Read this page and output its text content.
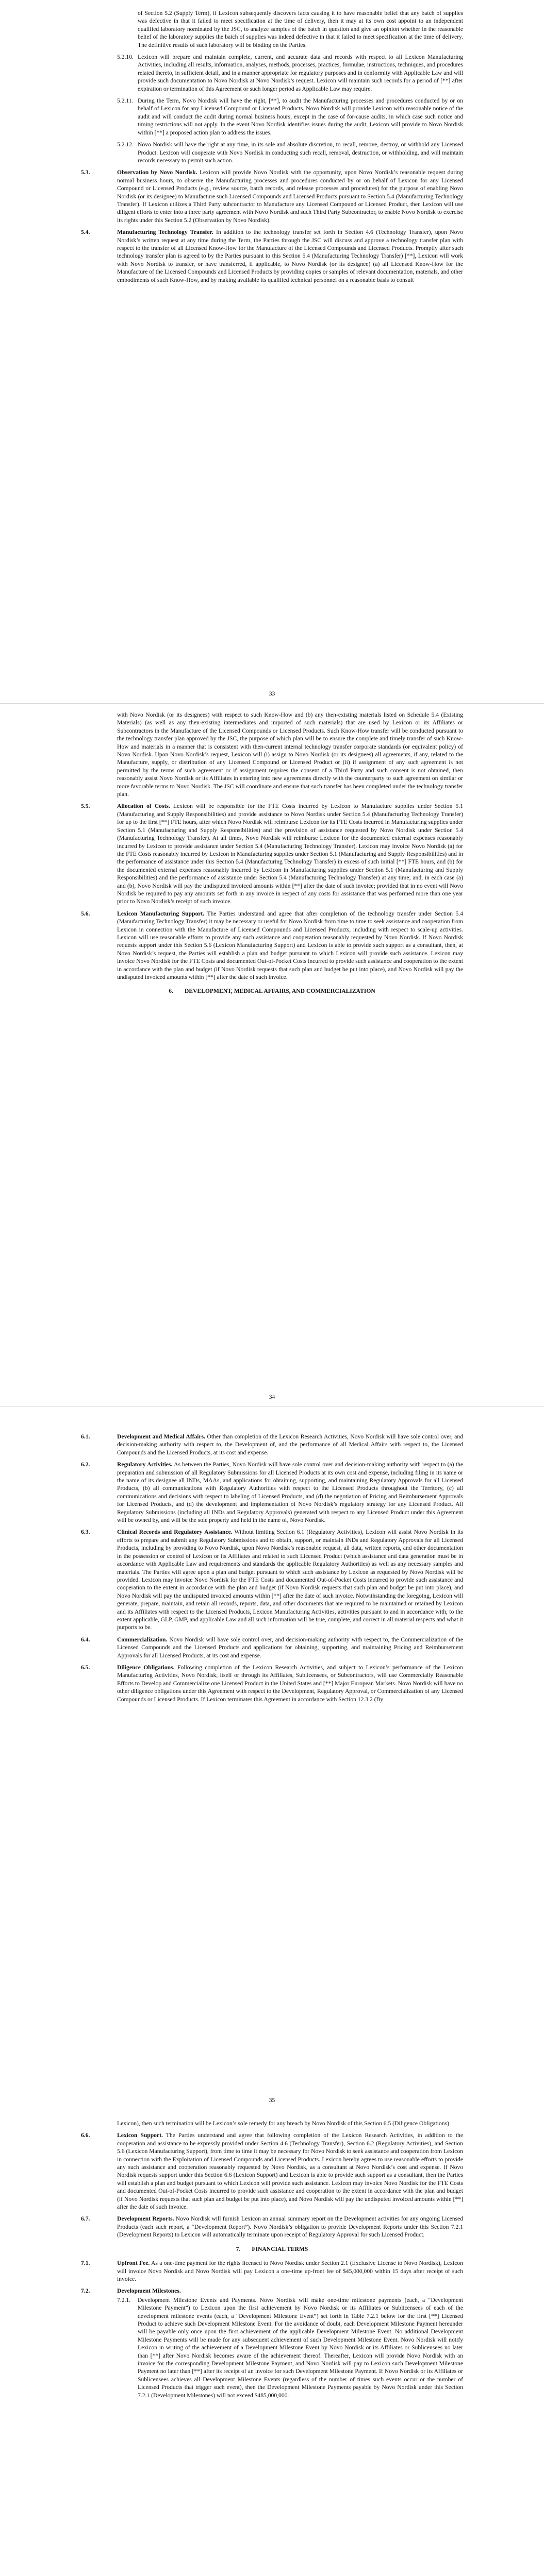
of Section 5.2 (Supply Term), if Lexicon subsequently discovers facts causing it to have reasonable belief that any batch of supplies was defective in that it failed to meet specification at the time of delivery, then it may at its own cost appoint to an independent qualified laboratory nominated by the JSC, to analyze samples of the batch in question and give an opinion whether in the reasonable belief of the laboratory supplies the batch of supplies was indeed defective in that it failed to meet specification at the time of delivery. The definitive results of such laboratory will be binding on the Parties.
5.2.10. Lexicon will prepare and maintain complete, current, and accurate data and records with respect to all Lexicon Manufacturing Activities, including all results, information, analyses, methods, processes, practices, formulae, instructions, techniques, and procedures related thereto, in sufficient detail, and in a manner appropriate for regulatory purposes and in conformity with Applicable Law and will provide such documentation to Novo Nordisk at Novo Nordisk’s request. Lexicon will maintain such records for a period of [**] after expiration or termination of this Agreement or such longer period as Applicable Law may require.
5.2.11. During the Term, Novo Nordisk will have the right, [**], to audit the Manufacturing processes and procedures conducted by or on behalf of Lexicon for any Licensed Compound or Licensed Products. Novo Nordisk will provide Lexicon with reasonable notice of the audit and will conduct the audit during normal business hours, except in the case of for-cause audits, in which case such notice and timing restrictions will not apply. In the event Novo Nordisk identifies issues during the audit, Lexicon will provide to Novo Nordisk within [**] a proposed action plan to address the issues.
5.2.12. Novo Nordisk will have the right at any time, in its sole and absolute discretion, to recall, remove, destroy, or withhold any Licensed Product. Lexicon will cooperate with Novo Nordisk in conducting such recall, removal, destruction, or withholding, and will maintain records necessary to permit such action.
5.3.	Observation by Novo Nordisk. Lexicon will provide Novo Nordisk with the opportunity, upon Novo Nordisk’s reasonable request during normal business hours, to observe the Manufacturing processes and procedures conducted by or on behalf of Lexicon for any Licensed Compound or Licensed Products (e.g., review source, batch records, and release processes and procedures) for the purpose of enabling Novo Nordisk (or its designee) to Manufacture such Licensed Compounds and Licensed Products pursuant to Section 5.4 (Manufacturing Technology Transfer). If Lexicon utilizes a Third Party subcontractor to Manufacture any Licensed Compound or Licensed Product, then Lexicon will use diligent efforts to enter into a three party agreement with Novo Nordisk and such Third Party Subcontractor, to enable Novo Nordisk to exercise its rights under this Section 5.2 (Observation by Novo Nordisk).
5.4.	Manufacturing Technology Transfer. In addition to the technology transfer set forth in Section 4.6 (Technology Transfer), upon Novo Nordisk’s written request at any time during the Term, the Parties through the JSC will discuss and approve a technology transfer plan with respect to the transfer of all Licensed Know-How for the Manufacture of the Licensed Compounds and Licensed Products. Promptly after such technology transfer plan is agreed to by the Parties pursuant to this Section 5.4 (Manufacturing Technology Transfer) [**], Lexicon will work with Novo Nordisk to transfer, or have transferred, if applicable, to Novo Nordisk (or its designee) (a) all Licensed Know-How for the Manufacture of the Licensed Compounds and Licensed Products by providing copies or samples of relevant documentation, materials, and other embodiments of such Know-How, and by making available its qualified technical personnel on a reasonable basis to consult
33
with Novo Nordisk (or its designees) with respect to such Know-How and (b) any then-existing materials listed on Schedule 5.4 (Existing Materials) (as well as any then-existing intermediates and imported of such materials) that are used by Lexicon or its Affiliates or Subcontractors in the Manufacture of the Licensed Compounds or Licensed Products. Such Know-How transfer will be conducted pursuant to the technology transfer plan approved by the JSC, the purpose of which plan will be to ensure the complete and timely transfer of such Know-How and materials in a manner that is consistent with then-current internal technology transfer corporate standards (or equivalent policy) of Novo Nordisk. Upon Novo Nordisk’s request, Lexicon will (i) assign to Novo Nordisk (or its designees) all agreements, if any, related to the Manufacture, supply, or distribution of any Licensed Compound or Licensed Product or (ii) if assignment of any such agreement is not permitted by the terms of such agreement or if assignment requires the consent of a Third Party and such consent is not obtained, then reasonably assist Novo Nordisk or its Affiliates in entering into new agreements directly with the counterparty to such agreement on similar or more favorable terms to Novo Nordisk. The JSC will coordinate and ensure that such transfer has been completed under the technology transfer plan.
5.5.	Allocation of Costs. Lexicon will be responsible for the FTE Costs incurred by Lexicon to Manufacture supplies under Section 5.1 (Manufacturing and Supply Responsibilities) and provide assistance to Novo Nordisk under Section 5.4 (Manufacturing Technology Transfer) for up to the first [**] FTE hours, after which Novo Nordisk will reimburse Lexicon for its FTE Costs incurred in Manufacturing supplies under Section 5.1 (Manufacturing and Supply Responsibilities) and the provision of assistance requested by Novo Nordisk under Section 5.4 (Manufacturing Technology Transfer). At all times, Novo Nordisk will reimburse Lexicon for the documented external expenses reasonably incurred by Lexicon to provide assistance under Section 5.4 (Manufacturing Technology Transfer). Lexicon may invoice Novo Nordisk (a) for the FTE Costs reasonably incurred by Lexicon in Manufacturing supplies under Section 5.1 (Manufacturing and Supply Responsibilities) and in the performance of assistance under this Section 5.4 (Manufacturing Technology Transfer) in excess of such initial [**] FTE hours, and (b) for the documented external expenses reasonably incurred by Lexicon in Manufacturing supplies under Section 5.1 (Manufacturing and Supply Responsibilities) and the performance of assistance under Section 5.4 (Manufacturing Technology Transfer) at any time; and, in each case (a) and (b), Novo Nordisk will pay the undisputed invoiced amounts within [**] after the date of such invoice; provided that in no event will Novo Nordisk be required to pay any amounts set forth in any invoice in respect of any costs for assistance that was performed more than one year prior to Novo Nordisk’s receipt of such invoice.
5.6.	Lexicon Manufacturing Support. The Parties understand and agree that after completion of the technology transfer under Section 5.4 (Manufacturing Technology Transfer) it may be necessary or useful for Novo Nordisk from time to time to seek assistance and cooperation from Lexicon in connection with the Manufacture of Licensed Compounds and Licensed Products, including with respect to scale-up activities. Lexicon will use reasonable efforts to provide any such assistance and cooperation reasonably requested by Novo Nordisk. If Novo Nordisk requests support under this Section 5.6 (Lexicon Manufacturing Support) and Lexicon is able to provide such support as a consultant, then, at Novo Nordisk’s request, the Parties will establish a plan and budget pursuant to which Lexicon will provide such assistance. Lexicon may invoice Novo Nordisk for the FTE Costs and documented Out-of-Pocket Costs incurred to provide such assistance and cooperation to the extent in accordance with the plan and budget (if Novo Nordisk requests that such plan and budget be put into place), and Novo Nordisk will pay the undisputed invoiced amounts within [**] after the date of such invoice.
6. DEVELOPMENT, MEDICAL AFFAIRS, AND COMMERCIALIZATION
34
6.1.	Development and Medical Affairs. Other than completion of the Lexicon Research Activities, Novo Nordisk will have sole control over, and decision-making authority with respect to, the Development of, and the performance of all Medical Affairs with respect to, the Licensed Compounds and the Licensed Products, at its cost and expense.
6.2.	Regulatory Activities. As between the Parties, Novo Nordisk will have sole control over and decision-making authority with respect to (a) the preparation and submission of all Regulatory Submissions for all Licensed Products at its own cost and expense, including filing in its name or the name of its designee all INDs, MAAs, and applications for obtaining, supporting, and maintaining Regulatory Approvals for all Licensed Products, (b) all communications with Regulatory Authorities with respect to the Licensed Products throughout the Territory, (c) all communications and decisions with respect to labeling of Licensed Products, and (d) the negotiation of Pricing and Reimbursement Approvals for Licensed Products, and (d) the development and implementation of Novo Nordisk’s regulatory strategy for any Licensed Product. All Regulatory Submissions (including all INDs and Regulatory Approvals) generated with respect to any Licensed Product under this Agreement will be owned by, and will be the sole property and held in the name of, Novo Nordisk.
6.3.	Clinical Records and Regulatory Assistance. Without limiting Section 6.1 (Regulatory Activities), Lexicon will assist Novo Nordisk in its efforts to prepare and submit any Regulatory Submissions and to obtain, support, or maintain INDs and Regulatory Approvals for all Licensed Products, including by providing to Novo Nordisk, upon Novo Nordisk’s reasonable request, all data, written reports, and other documentation in the possession or control of Lexicon or its Affiliates and related to such Licensed Product (which assistance and data generation must be in accordance with Applicable Law and requirements and standards the applicable Regulatory Authorities) as well as any necessary samples and materials. The Parties will agree upon a plan and budget pursuant to which such assistance by Lexicon as requested by Novo Nordisk will be provided. Lexicon may invoice Novo Nordisk for the FTE Costs and documented Out-of-Pocket Costs incurred to provide such assistance and cooperation to the extent in accordance with the plan and budget (if Novo Nordisk requests that such plan and budget be put into place), and Novo Nordisk will pay the undisputed invoiced amounts within [**] after the date of such invoice. Notwithstanding the foregoing, Lexicon will generate, prepare, maintain, and retain all records, reports, data, and other documents that are required to be maintained or retained by Lexicon and its Affiliates with respect to the Licensed Products, Lexicon Manufacturing Activities, activities pursuant to and in accordance with, to the extent applicable, GLP, GMP, and applicable Law and all such information will be true, complete, and correct in all material respects and what it purports to be.
6.4.	Commercialization. Novo Nordisk will have sole control over, and decision-making authority with respect to, the Commercialization of the Licensed Compounds and the Licensed Products and applications for obtaining, supporting, and maintaining Pricing and Reimbursement Approvals for all Licensed Products, at its cost and expense.
6.5.	Diligence Obligations. Following completion of the Lexicon Research Activities, and subject to Lexicon’s performance of the Lexicon Manufacturing Activities, Novo Nordisk, itself or through its Affiliates, Sublicensees, or Subcontractors, will use Commercially Reasonable Efforts to Develop and Commercialize one Licensed Product in the United States and [**] Major European Markets. Novo Nordisk will have no other diligence obligations under this Agreement with respect to the Development, Regulatory Approval, or Commercialization of any Licensed Compounds or Licensed Products. If Lexicon terminates this Agreement in accordance with Section 12.3.2 (By
35
Lexicon), then such termination will be Lexicon’s sole remedy for any breach by Novo Nordisk of this Section 6.5 (Diligence Obligations).
6.6.	Lexicon Support. The Parties understand and agree that following completion of the Lexicon Research Activities, in addition to the cooperation and assistance to be expressly provided under Section 4.6 (Technology Transfer), Section 6.2 (Regulatory Activities), and Section 5.6 (Lexicon Manufacturing Support), from time to time it may be necessary for Novo Nordisk to seek assistance and cooperation from Lexicon in connection with the Exploitation of Licensed Compounds and Licensed Products. Lexicon hereby agrees to use reasonable efforts to provide any such assistance and cooperation reasonably requested by Novo Nordisk, as a consultant at Novo Nordisk’s cost and expense. If Novo Nordisk requests support under this Section 6.6 (Lexicon Support) and Lexicon is able to provide such support as a consultant, then the Parties will establish a plan and budget pursuant to which Lexicon will provide such assistance. Lexicon may invoice Novo Nordisk for the FTE Costs and documented Out-of-Pocket Costs incurred to provide such assistance and cooperation to the extent in accordance with the plan and budget (if Novo Nordisk requests that such plan and budget be put into place), and Novo Nordisk will pay the undisputed invoiced amounts within [**] after the date of such invoice.
6.7.	Development Reports. Novo Nordisk will furnish Lexicon an annual summary report on the Development activities for any ongoing Licensed Products (each such report, a “Development Report”). Novo Nordisk’s obligation to provide Development Reports under this Section 7.2.1 (Development Reports) to Lexicon will automatically terminate upon receipt of Regulatory Approval for such Licensed Product.
7. FINANCIAL TERMS
7.1.	Upfront Fee. As a one-time payment for the rights licensed to Novo Nordisk under Section 2.1 (Exclusive License to Novo Nordisk), Lexicon will invoice Novo Nordisk and Novo Nordisk will pay Lexicon a one-time up-front fee of $45,000,000 within 15 days after receipt of such invoice.
7.2.	Development Milestones.
7.2.1. Development Milestone Events and Payments. Novo Nordisk will make one-time milestone payments (each, a “Development Milestone Payment”) to Lexicon upon the first achievement by Novo Nordisk or its Affiliates or Sublicensees of each of the development milestone events (each, a “Development Milestone Event”) set forth in Table 7.2.1 below for the first [**] Licensed Product to achieve such Development Milestone Event. For the avoidance of doubt, each Development Milestone Payment hereunder will be payable only once upon the first achievement of the applicable Development Milestone Event. No additional Development Milestone Payments will be made for any subsequent achievement of such Development Milestone Event. Novo Nordisk will notify Lexicon in writing of the achievement of a Development Milestone Event by Novo Nordisk or its Affiliates or Sublicensees no later than [**] after Novo Nordisk becomes aware of the achievement thereof. Thereafter, Lexicon will provide Novo Nordisk with an invoice for the corresponding Development Milestone Payment, and Novo Nordisk will pay to Lexicon such Development Milestone Payment no later than [**] after its receipt of an invoice for such Development Milestone Payment. If Novo Nordisk or its Affiliates or Sublicensees achieves all Development Milestone Events (regardless of the number of times such events occur or the number of Licensed Products that trigger such event), then the Development Milestone Payments payable by Novo Nordisk under this Section 7.2.1 (Development Milestones) will not exceed $485,000,000.
